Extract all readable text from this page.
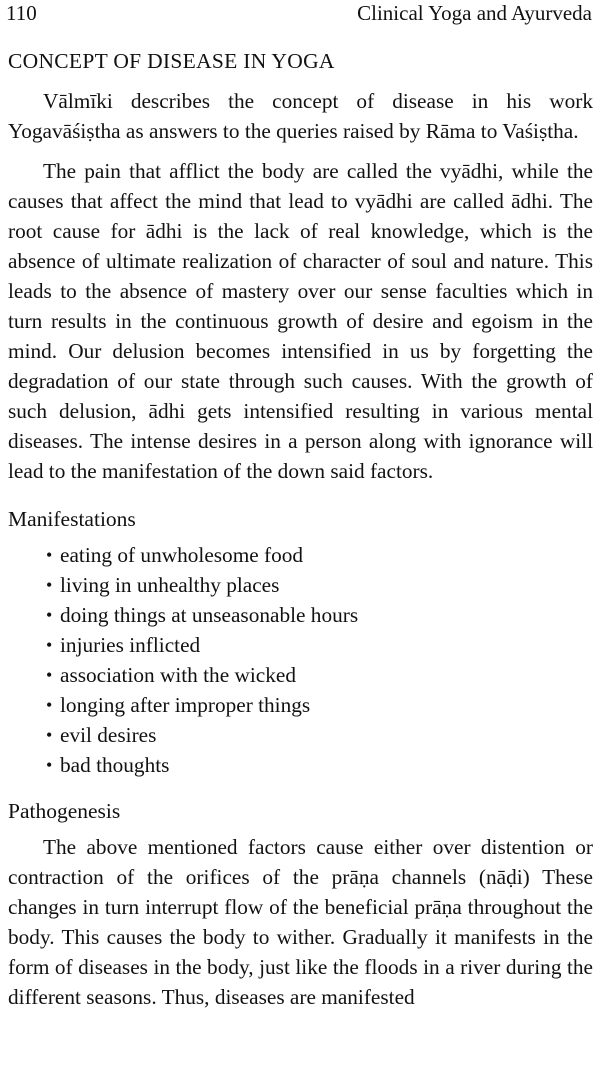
110	Clinical Yoga and Ayurveda
CONCEPT OF DISEASE IN YOGA

Vālmīki describes the concept of disease in his work Yogavāśiṣtha as answers to the queries raised by Rāma to Vaśiṣtha.

The pain that afflict the body are called the vyādhi, while the causes that affect the mind that lead to vyādhi are called ādhi. The root cause for ādhi is the lack of real knowledge, which is the absence of ultimate realization of character of soul and nature. This leads to the absence of mastery over our sense faculties which in turn results in the continuous growth of desire and egoism in the mind. Our delusion becomes intensified in us by forgetting the degradation of our state through such causes. With the growth of such delusion, ādhi gets intensified resulting in various mental diseases. The intense desires in a person along with ignorance will lead to the manifestation of the down said factors.

Manifestations
• eating of unwholesome food
• living in unhealthy places
• doing things at unseasonable hours
• injuries inflicted
• association with the wicked
• longing after improper things
• evil desires
• bad thoughts
Pathogenesis

The above mentioned factors cause either over distention or contraction of the orifices of the prāṇa channels (nāḍi) These changes in turn interrupt flow of the beneficial prāṇa throughout the body. This causes the body to wither. Gradually it manifests in the form of diseases in the body, just like the floods in a river during the different seasons. Thus, diseases are manifested
